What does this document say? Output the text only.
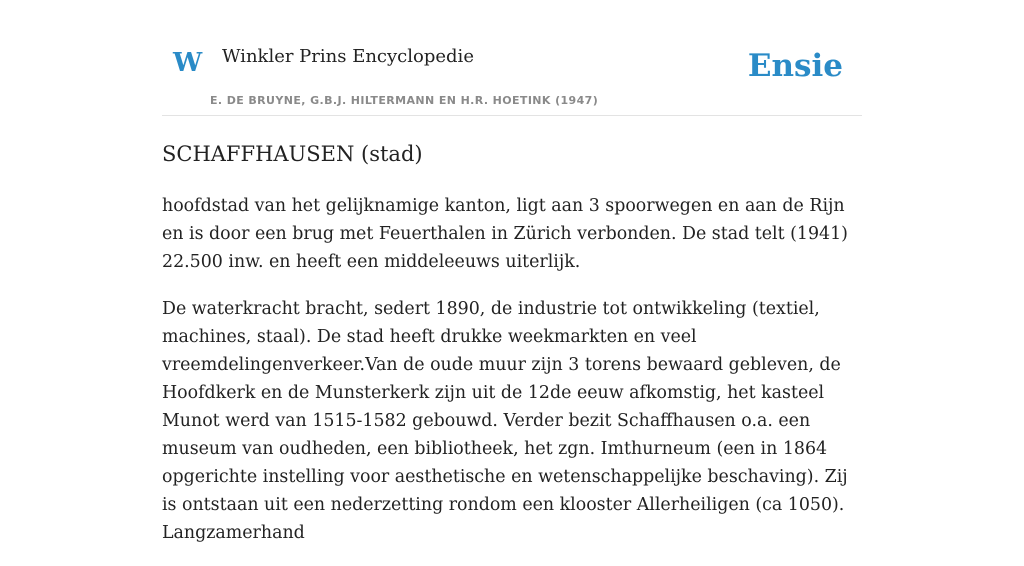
W Winkler Prins Encyclopedie
E. DE BRUYNE, G.B.J. HILTERMANN EN H.R. HOETINK (1947)
Ensie
SCHAFFHAUSEN (stad)

hoofdstad van het gelijknamige kanton, ligt aan 3 spoorwegen en aan de Rijn en is door een brug met Feuerthalen in Zürich verbonden. De stad telt (1941) 22.500 inw. en heeft een middeleeuws uiterlijk.

De waterkracht bracht, sedert 1890, de industrie tot ontwikkeling (textiel, machines, staal). De stad heeft drukke weekmarkten en veel vreemdelingenverkeer.Van de oude muur zijn 3 torens bewaard gebleven, de Hoofdkerk en de Munsterkerk zijn uit de 12de eeuw afkomstig, het kasteel Munot werd van 1515-1582 gebouwd. Verder bezit Schaffhausen o.a. een museum van oudheden, een bibliotheek, het zgn. Imthurneum (een in 1864 opgerichte instelling voor aesthetische en wetenschappelijke beschaving). Zij is ontstaan uit een nederzetting rondom een klooster Allerheiligen (ca 1050). Langzamerhand
